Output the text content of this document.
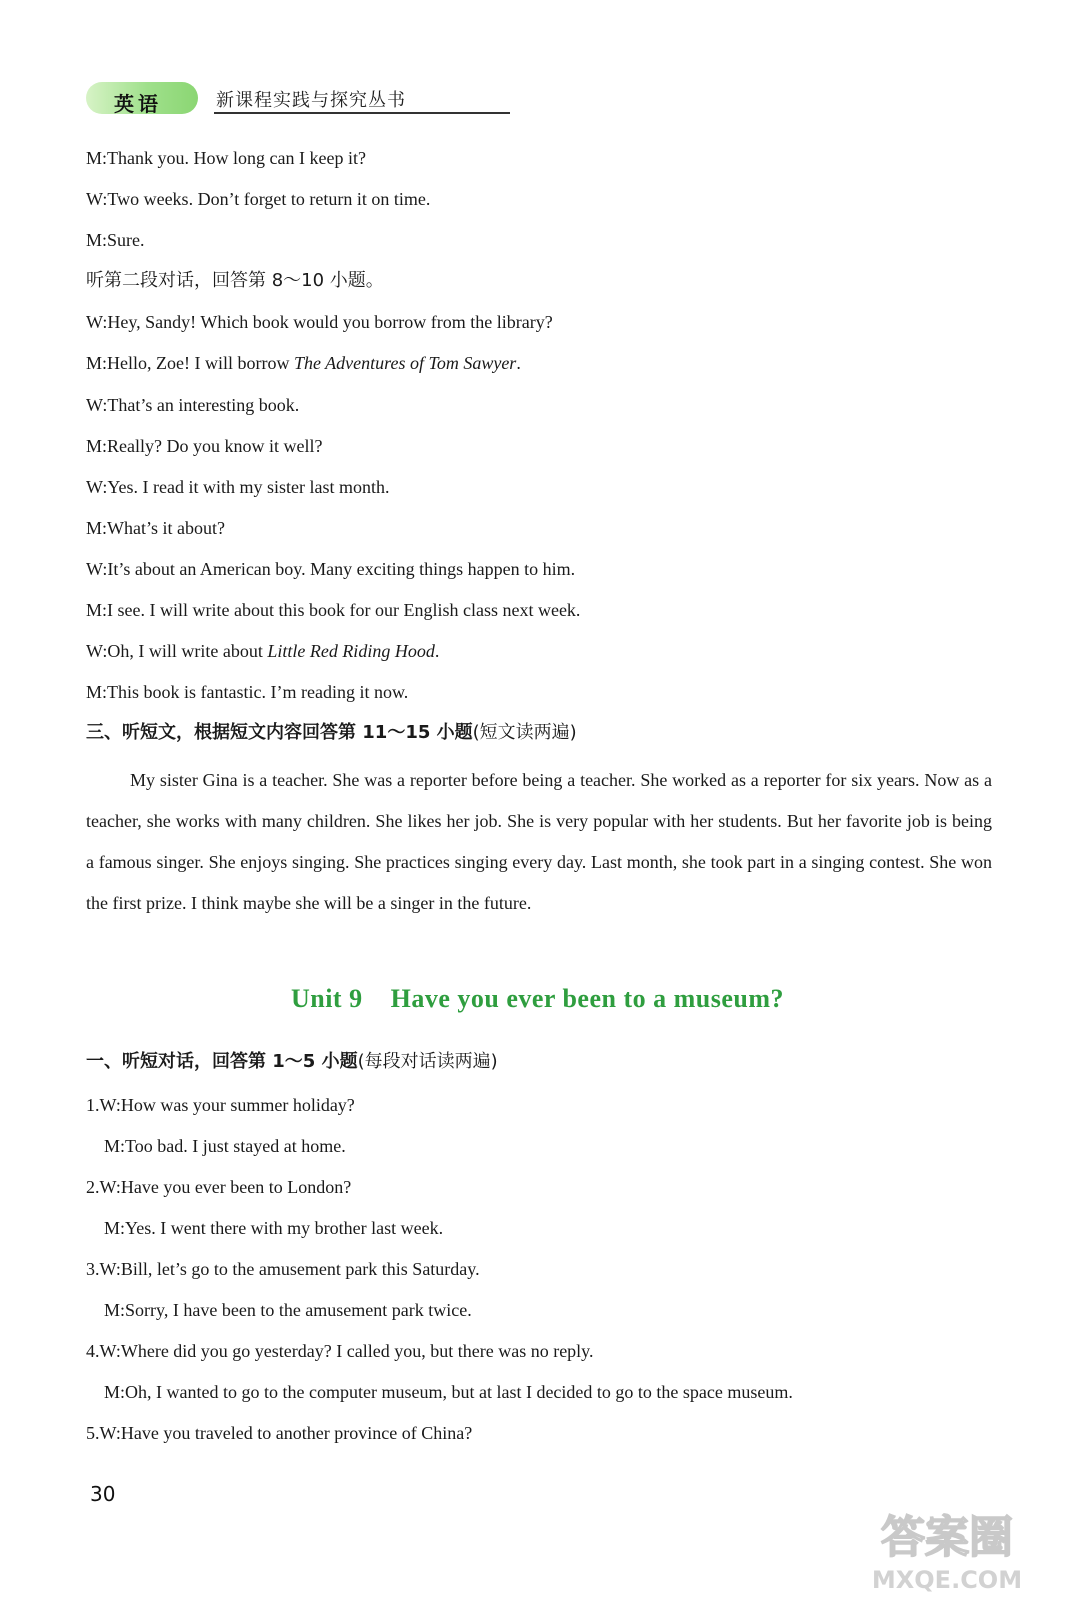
英语	新课程实践与探究丛书
M:Thank you. How long can I keep it?
W:Two weeks. Don’t forget to return it on time.
M:Sure.
听第二段对话，回答第 8～10 小题。
W:Hey, Sandy! Which book would you borrow from the library?
M:Hello, Zoe! I will borrow The Adventures of Tom Sawyer.
W:That’s an interesting book.
M:Really? Do you know it well?
W:Yes. I read it with my sister last month.
M:What’s it about?
W:It’s about an American boy. Many exciting things happen to him.
M:I see. I will write about this book for our English class next week.
W:Oh, I will write about Little Red Riding Hood.
M:This book is fantastic. I’m reading it now.
三、听短文，根据短文内容回答第 11～15 小题(短文读两遍)
My sister Gina is a teacher. She was a reporter before being a teacher. She worked as a reporter for six years. Now as a teacher, she works with many children. She likes her job. She is very popular with her students. But her favorite job is being a famous singer. She enjoys singing. She practices singing every day. Last month, she took part in a singing contest. She won the first prize. I think maybe she will be a singer in the future.
Unit 9 Have you ever been to a museum?
一、听短对话，回答第 1～5 小题(每段对话读两遍)
1.W:How was your summer holiday?
M:Too bad. I just stayed at home.
2.W:Have you ever been to London?
M:Yes. I went there with my brother last week.
3.W:Bill, let’s go to the amusement park this Saturday.
M:Sorry, I have been to the amusement park twice.
4.W:Where did you go yesterday? I called you, but there was no reply.
M:Oh, I wanted to go to the computer museum, but at last I decided to go to the space museum.
5.W:Have you traveled to another province of China?
30
答案圈
MXQE.COM
